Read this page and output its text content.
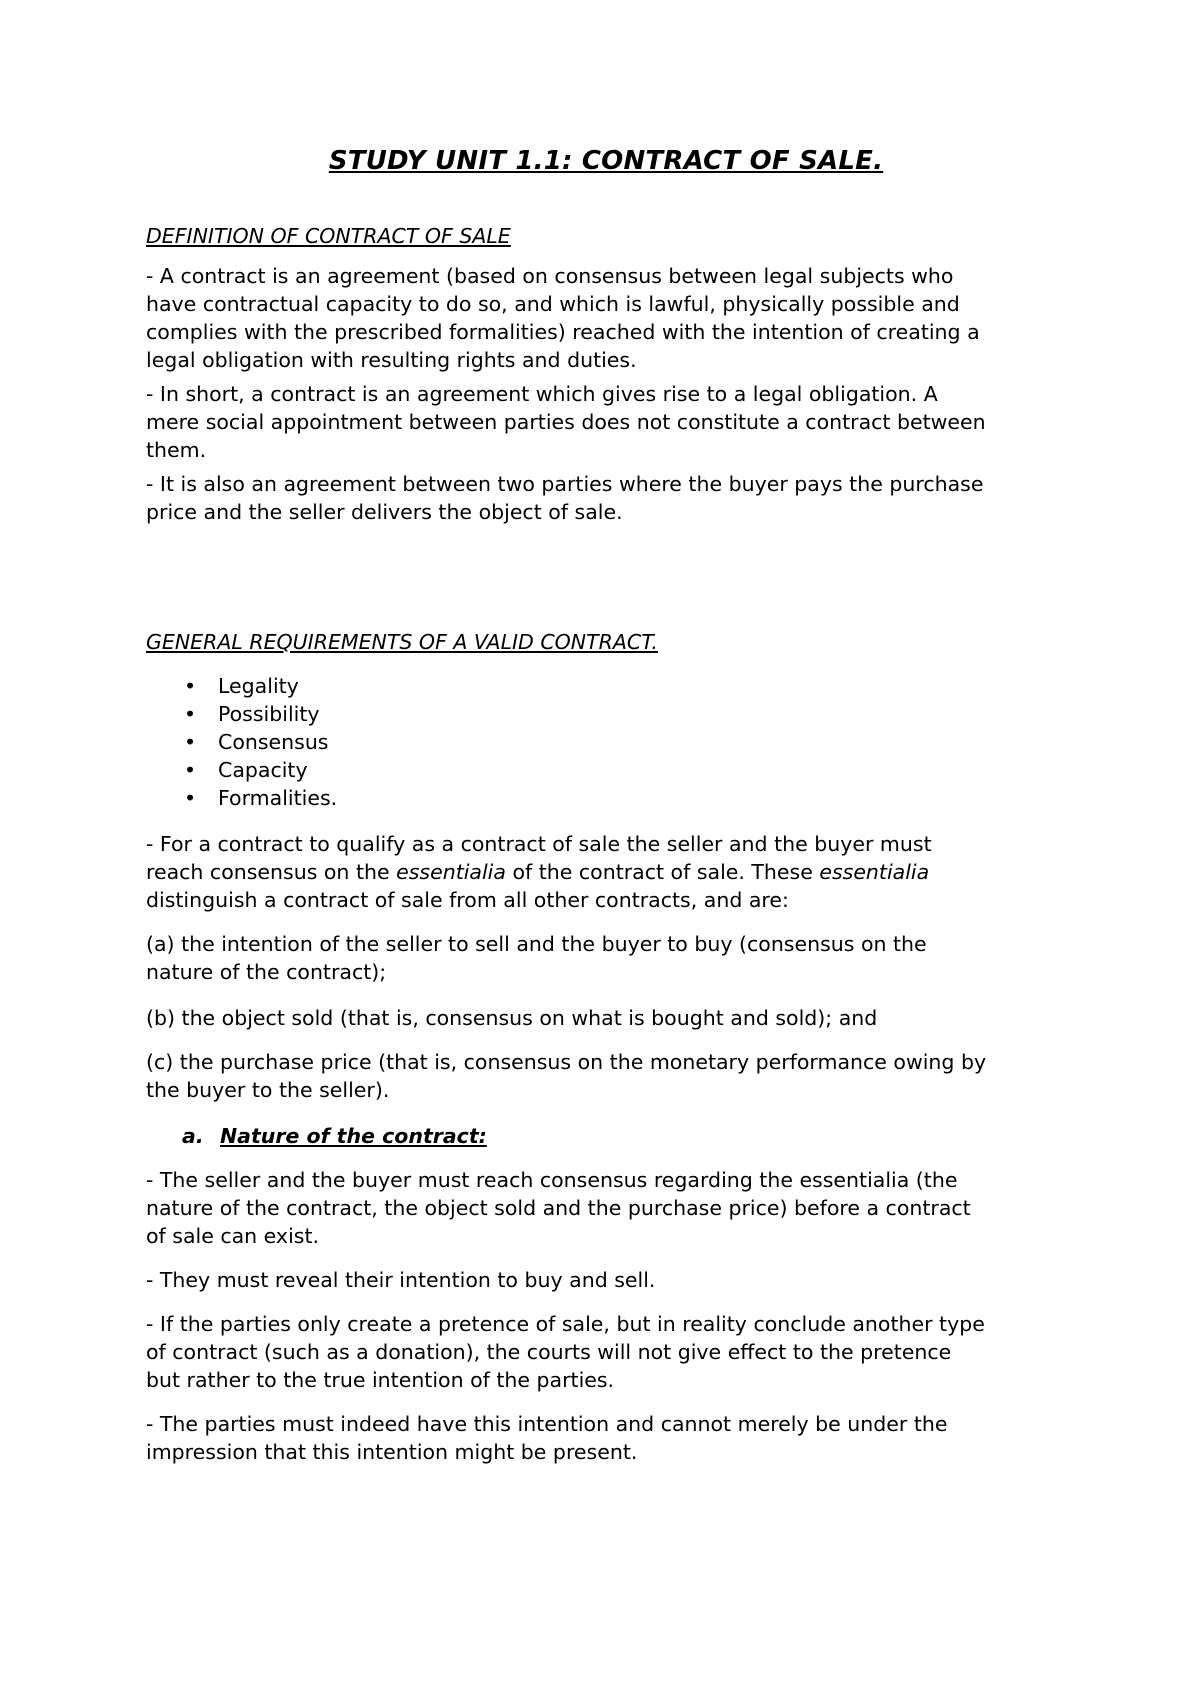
STUDY UNIT 1.1: CONTRACT OF SALE.
DEFINITION OF CONTRACT OF SALE
- A contract is an agreement (based on consensus between legal subjects who
have contractual capacity to do so, and which is lawful, physically possible and
complies with the prescribed formalities) reached with the intention of creating a
legal obligation with resulting rights and duties.
- In short, a contract is an agreement which gives rise to a legal obligation. A
mere social appointment between parties does not constitute a contract between
them.
- It is also an agreement between two parties where the buyer pays the purchase
price and the seller delivers the object of sale.
GENERAL REQUIREMENTS OF A VALID CONTRACT.
• Legality
• Possibility
• Consensus
• Capacity
• Formalities.
- For a contract to qualify as a contract of sale the seller and the buyer must
reach consensus on the essentialia of the contract of sale. These essentialia
distinguish a contract of sale from all other contracts, and are:
(a) the intention of the seller to sell and the buyer to buy (consensus on the
nature of the contract);
(b) the object sold (that is, consensus on what is bought and sold); and
(c) the purchase price (that is, consensus on the monetary performance owing by
the buyer to the seller).
a. Nature of the contract:
- The seller and the buyer must reach consensus regarding the essentialia (the
nature of the contract, the object sold and the purchase price) before a contract
of sale can exist.
- They must reveal their intention to buy and sell.
- If the parties only create a pretence of sale, but in reality conclude another type
of contract (such as a donation), the courts will not give effect to the pretence
but rather to the true intention of the parties.
- The parties must indeed have this intention and cannot merely be under the
impression that this intention might be present.
